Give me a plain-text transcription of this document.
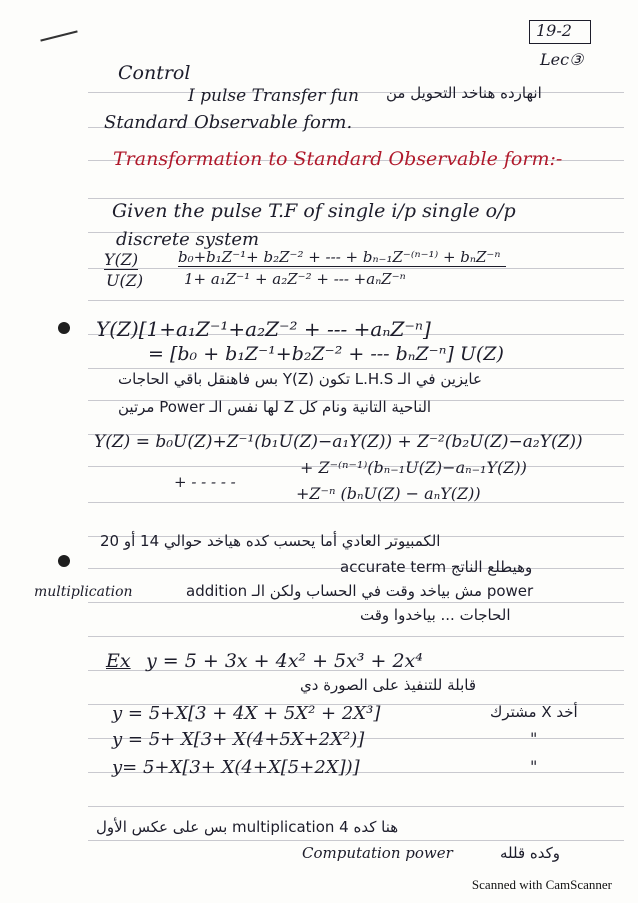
19-2
Lec③
Control
I pulse Transfer fun انهارده هناخد التحويل من
Standard Observable form.
Transformation to Standard Observable form:-
Given the pulse T.F of single i/p single o/p
discrete system
Y(Z)
U(Z)
b₀+b₁Z⁻¹+ b₂Z⁻² + --- + bₙ₋₁Z⁻⁽ⁿ⁻¹⁾ + bₙZ⁻ⁿ
1+ a₁Z⁻¹ + a₂Z⁻² + --- +aₙZ⁻ⁿ
Y(Z)[1+a₁Z⁻¹+a₂Z⁻² + --- +aₙZ⁻ⁿ]
= [b₀ + b₁Z⁻¹+b₂Z⁻² + --- bₙZ⁻ⁿ] U(Z)
عايزين في الـ L.H.S تكون Y(Z) بس فاهنقل باقي الحاجات
الناحية التانية ونام كل Z لها نفس الـ Power مرتين
Y(Z) = b₀U(Z)+Z⁻¹(b₁U(Z)−a₁Y(Z)) + Z⁻²(b₂U(Z)−a₂Y(Z))
+ Z⁻⁽ⁿ⁻¹⁾(bₙ₋₁U(Z)−aₙ₋₁Y(Z))
+ - - - - -
+Z⁻ⁿ (bₙU(Z) − aₙY(Z))
الكمبيوتر العادي أما يحسب كده هياخد حوالي 14 أو 20
accurate term وهيطلع الناتج
multiplication	addition مش بياخد وقت في الحساب ولكن الـ power
الحاجات ... بياخدوا وقت
Ex y = 5 + 3x + 4x² + 5x³ + 2x⁴
قابلة للتنفيذ على الصورة دي
y = 5+X[3 + 4X + 5X² + 2X³]	أخد X مشترك
y = 5+ X[3+ X(4+5X+2X²)]	"
y= 5+X[3+ X(4+X[5+2X])]	"
هنا كده 4 multiplication بس على عكس الأول
Computation power	وكده قلله
Scanned with CamScanner
